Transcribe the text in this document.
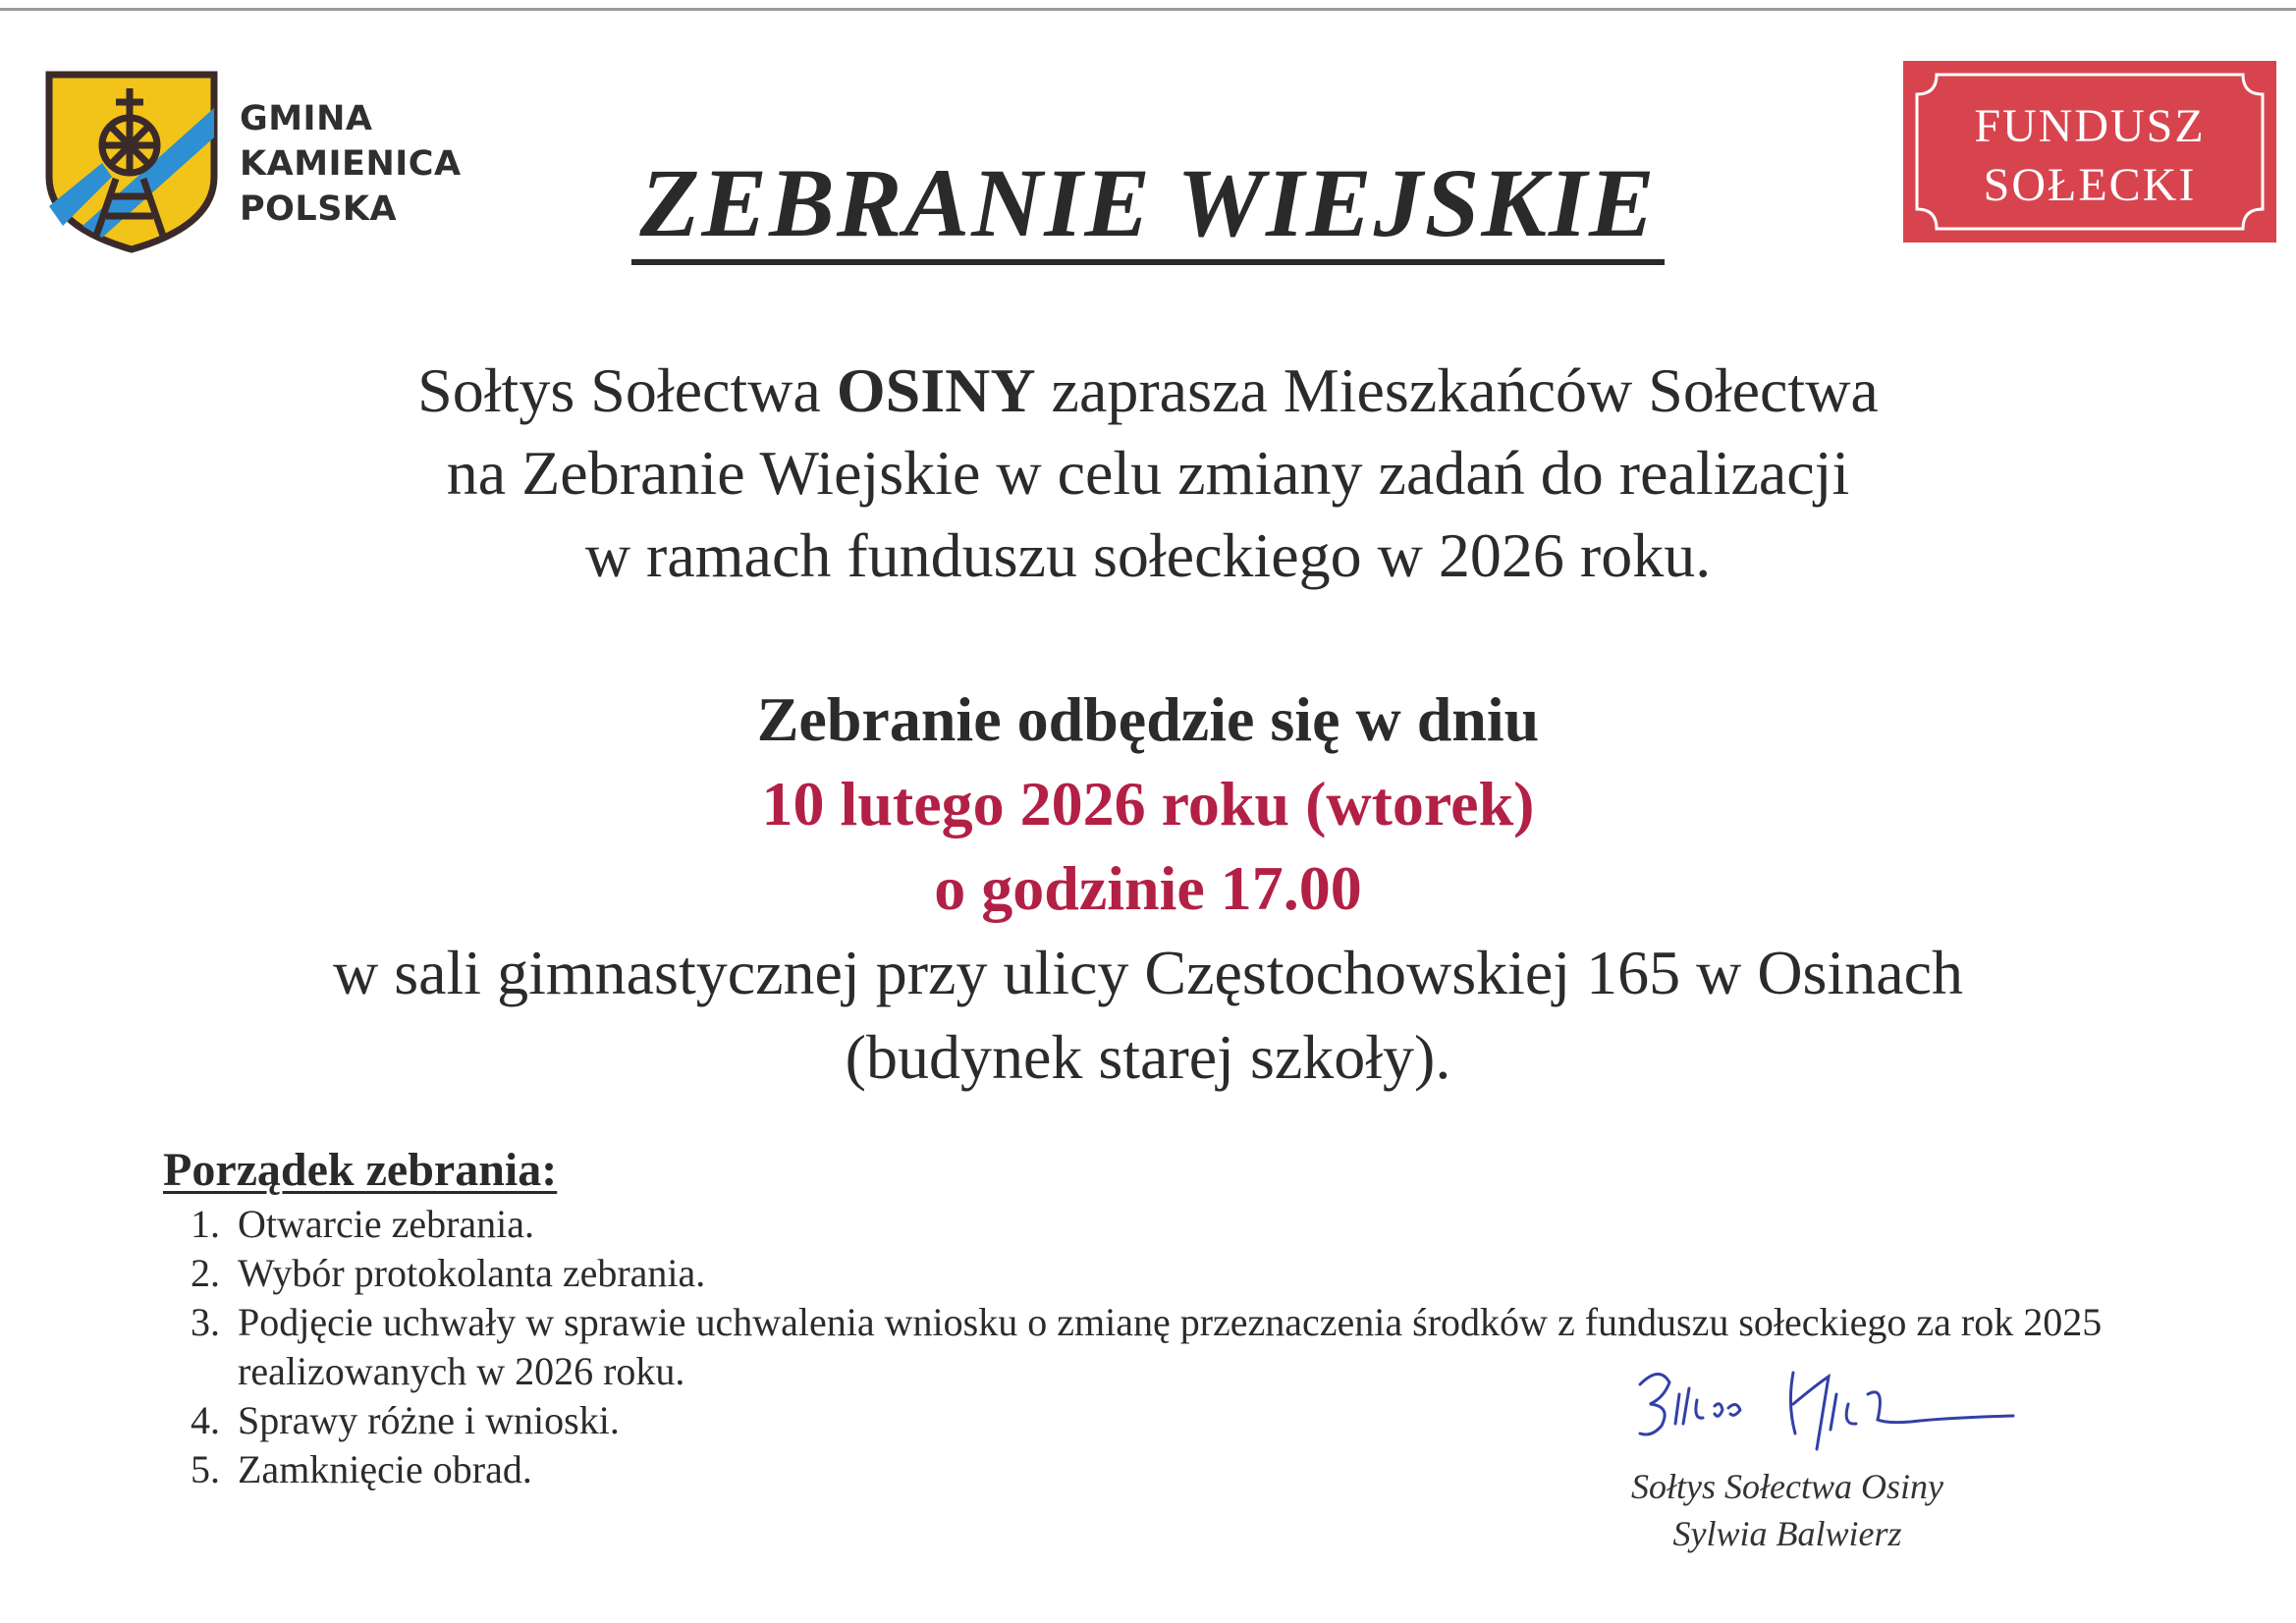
GMINA
KAMIENICA
POLSKA
FUNDUSZ
SOŁECKI
ZEBRANIE WIEJSKIE
Sołtys Sołectwa OSINY zaprasza Mieszkańców Sołectwa
na Zebranie Wiejskie w celu zmiany zadań do realizacji
w ramach funduszu sołeckiego w 2026 roku.
Zebranie odbędzie się w dniu
10 lutego 2026 roku (wtorek)
o godzinie 17.00
w sali gimnastycznej przy ulicy Częstochowskiej 165 w Osinach
(budynek starej szkoły).
Porządek zebrania:
1. Otwarcie zebrania.
2. Wybór protokolanta zebrania.
3. Podjęcie uchwały w sprawie uchwalenia wniosku o zmianę przeznaczenia środków z funduszu sołeckiego za rok 2025 realizowanych w 2026 roku.
4. Sprawy różne i wnioski.
5. Zamknięcie obrad.	Sołtys Sołectwa Osiny
Sylwia Balwierz
